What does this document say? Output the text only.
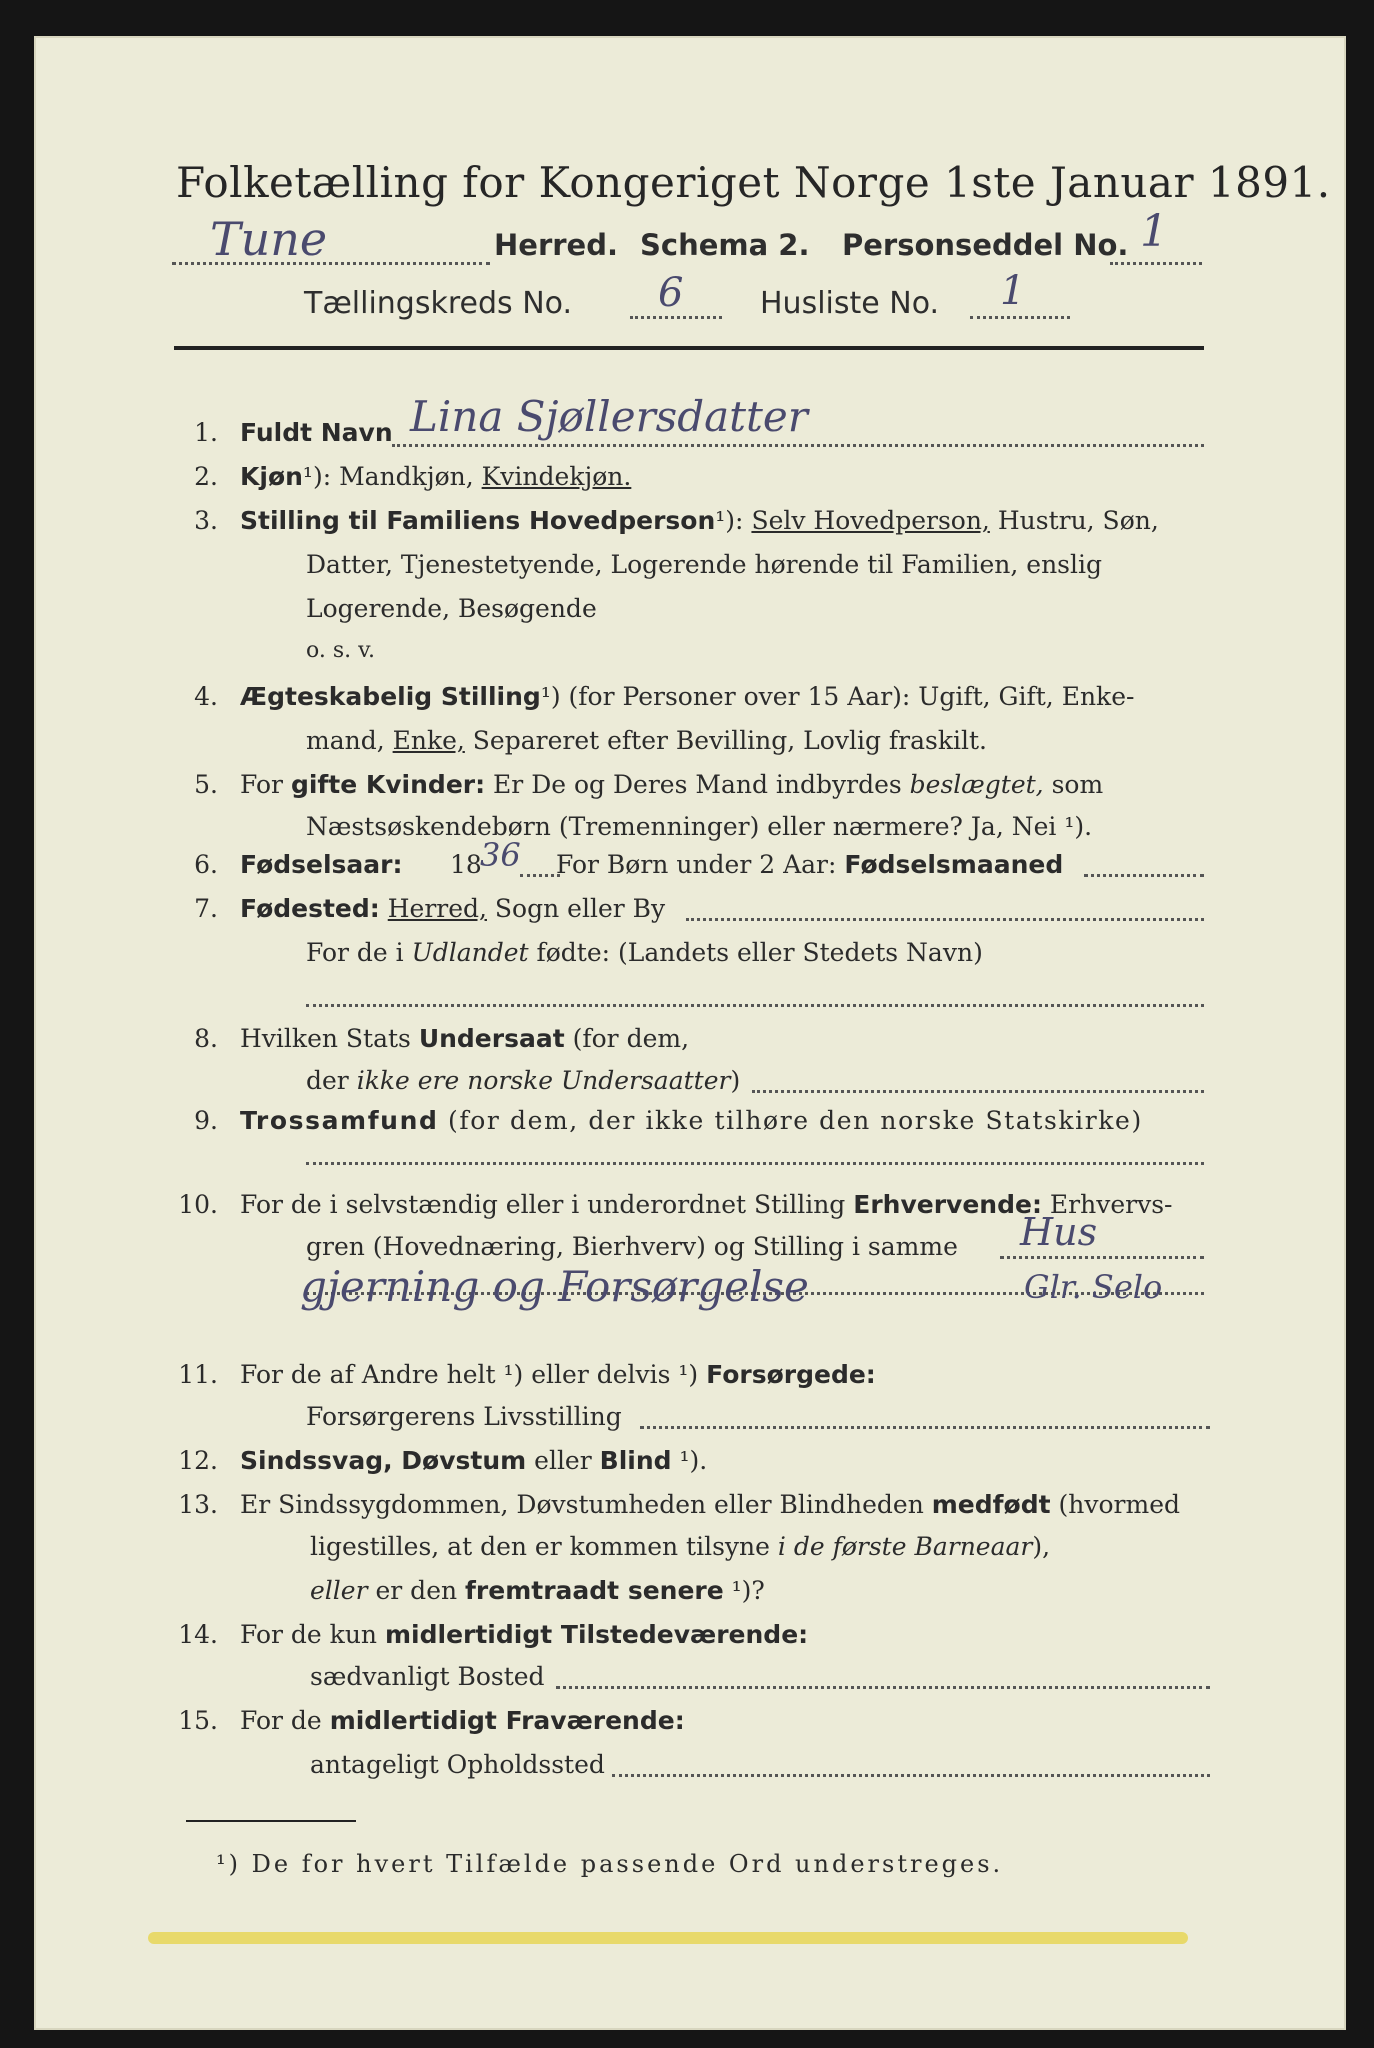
Folketælling for Kongeriget Norge 1ste Januar 1891.
Tune	Herred. Schema 2. Personseddel No. 1
Tællingskreds No. 6	Husliste No. 1
1. Fuldt Navn Lina Sjøllersdatter
2. Kjøn¹): Mandkjøn, Kvindekjøn.
3. Stilling til Familiens Hovedperson¹): Selv Hovedperson, Hustru, Søn,
Datter, Tjenestetyende, Logerende hørende til Familien, enslig
Logerende, Besøgende
o. s. v.
4. Ægteskabelig Stilling¹) (for Personer over 15 Aar): Ugift, Gift, Enke-
mand, Enke, Separeret efter Bevilling, Lovlig fraskilt.
5. For gifte Kvinder: Er De og Deres Mand indbyrdes beslægtet, som
Næstsøskendebørn (Tremenninger) eller nærmere? Ja, Nei ¹).
6. Fødselsaar: 18
36 For Børn under 2 Aar: Fødselsmaaned
7. Fødested: Herred, Sogn eller By
For de i Udlandet fødte: (Landets eller Stedets Navn)
8. Hvilken Stats Undersaat (for dem,
der ikke ere norske Undersaatter)
9. Trossamfund (for dem, der ikke tilhøre den norske Statskirke)
10. For de i selvstændig eller i underordnet Stilling Erhvervende: Erhvervs-
gren (Hovednæring, Bierhverv) og Stilling i samme Hus
gjerning og Forsørgelse	Glr. Selo
11. For de af Andre helt ¹) eller delvis ¹) Forsørgede:
Forsørgerens Livsstilling
12. Sindssvag, Døvstum eller Blind ¹).
13. Er Sindssygdommen, Døvstumheden eller Blindheden medfødt (hvormed
ligestilles, at den er kommen tilsyne i de første Barneaar),
eller er den fremtraadt senere ¹)?
14. For de kun midlertidigt Tilstedeværende:
sædvanligt Bosted
15. For de midlertidigt Fraværende:
antageligt Opholdssted
¹) De for hvert Tilfælde passende Ord understreges.
